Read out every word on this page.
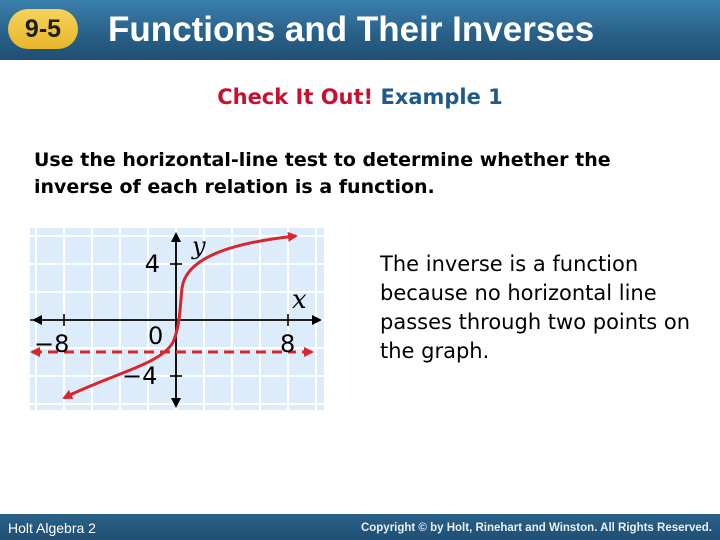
9-5	Functions and Their Inverses
Check It Out! Example 1
Use the horizontal-line test to determine whether the inverse of each relation is a function.
4
y
x
0
−8	8
−4
The inverse is a function because no horizontal line passes through two points on the graph.
Holt Algebra 2	Copyright © by Holt, Rinehart and Winston. All Rights Reserved.
